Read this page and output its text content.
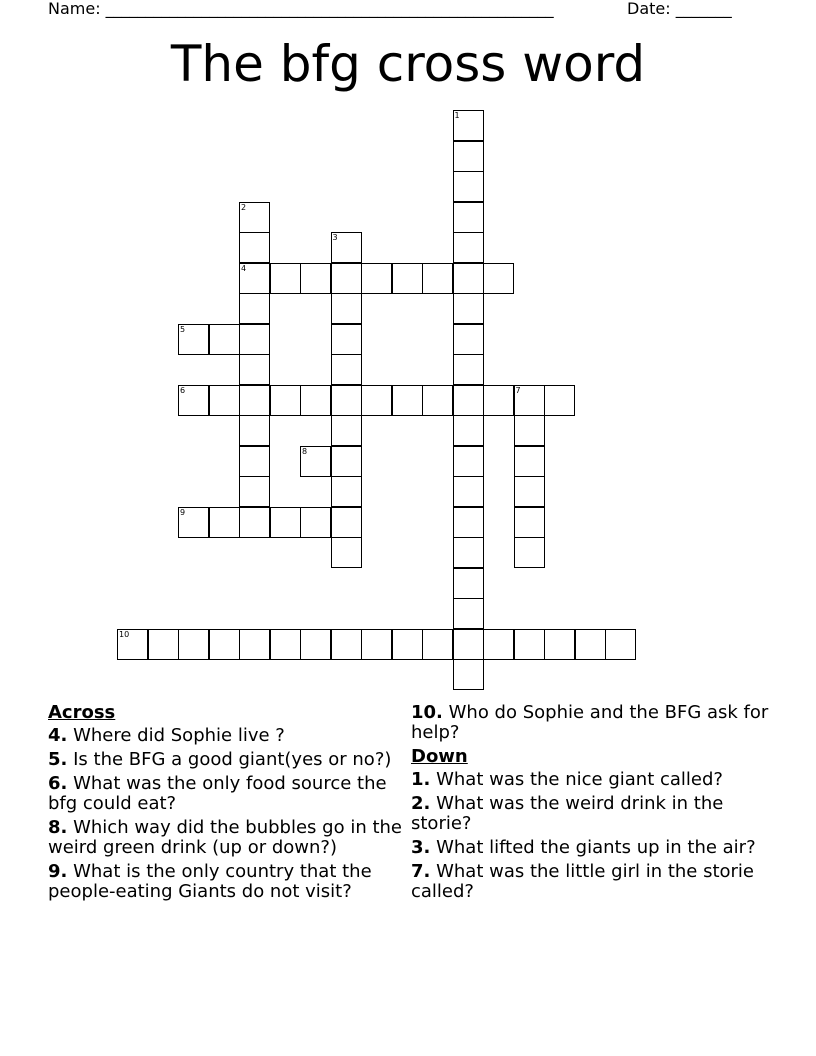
Name: ________________________________________________________	Date: _______
The bfg cross word
1
2
4
3
5
6	7
8
9
10
Across
4. Where did Sophie live ?
5. Is the BFG a good giant(yes or no?)
6. What was the only food source the bfg could eat?
8. Which way did the bubbles go in the weird green drink (up or down?)
9. What is the only country that the people-eating Giants do not visit?
10. Who do Sophie and the BFG ask for help?
Down
1. What was the nice giant called?
2. What was the weird drink in the storie?
3. What lifted the giants up in the air?
7. What was the little girl in the storie called?
